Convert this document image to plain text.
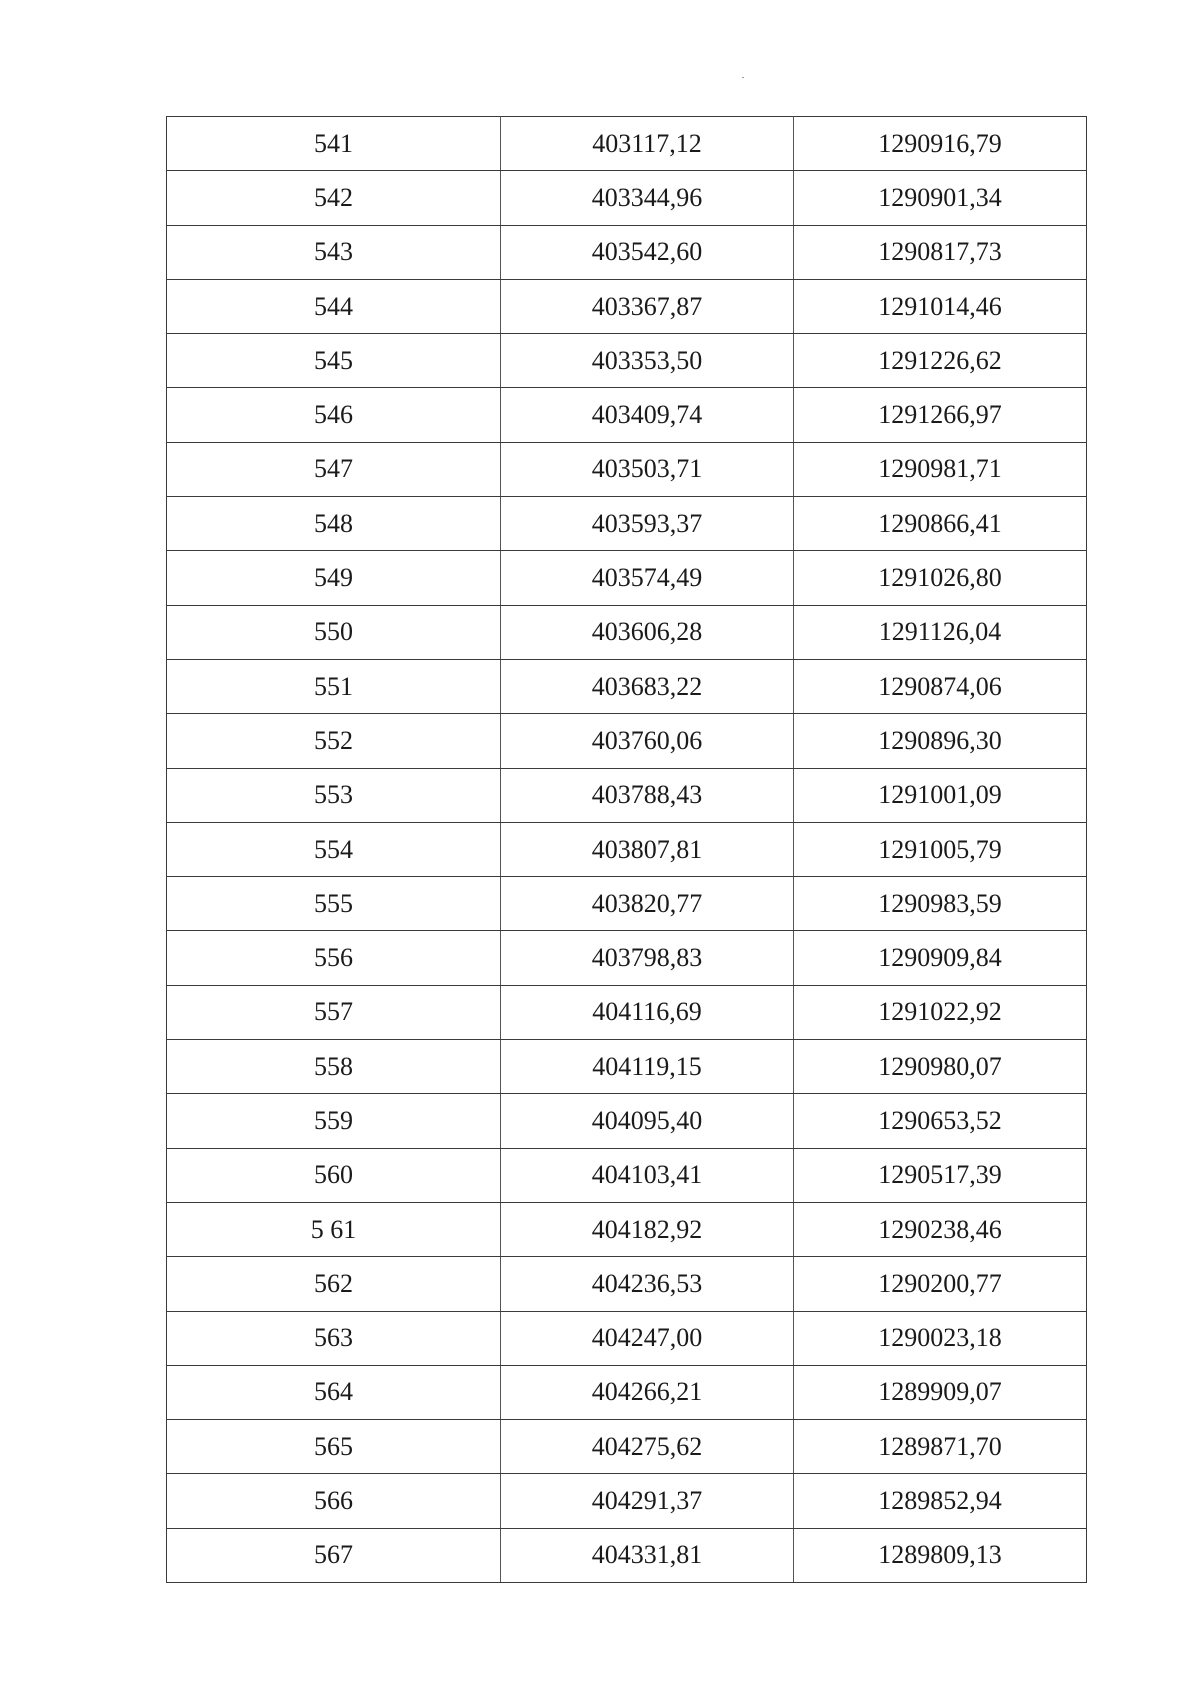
541	403117,12	1290916,79
542	403344,96	1290901,34
543	403542,60	1290817,73
544	403367,87	1291014,46
545	403353,50	1291226,62
546	403409,74	1291266,97
547	403503,71	1290981,71
548	403593,37	1290866,41
549	403574,49	1291026,80
550	403606,28	1291126,04
551	403683,22	1290874,06
552	403760,06	1290896,30
553	403788,43	1291001,09
554	403807,81	1291005,79
555	403820,77	1290983,59
556	403798,83	1290909,84
557	404116,69	1291022,92
558	404119,15	1290980,07
559	404095,40	1290653,52
560	404103,41	1290517,39
5 61	404182,92	1290238,46
562	404236,53	1290200,77
563	404247,00	1290023,18
564	404266,21	1289909,07
565	404275,62	1289871,70
566	404291,37	1289852,94
567	404331,81	1289809,13
